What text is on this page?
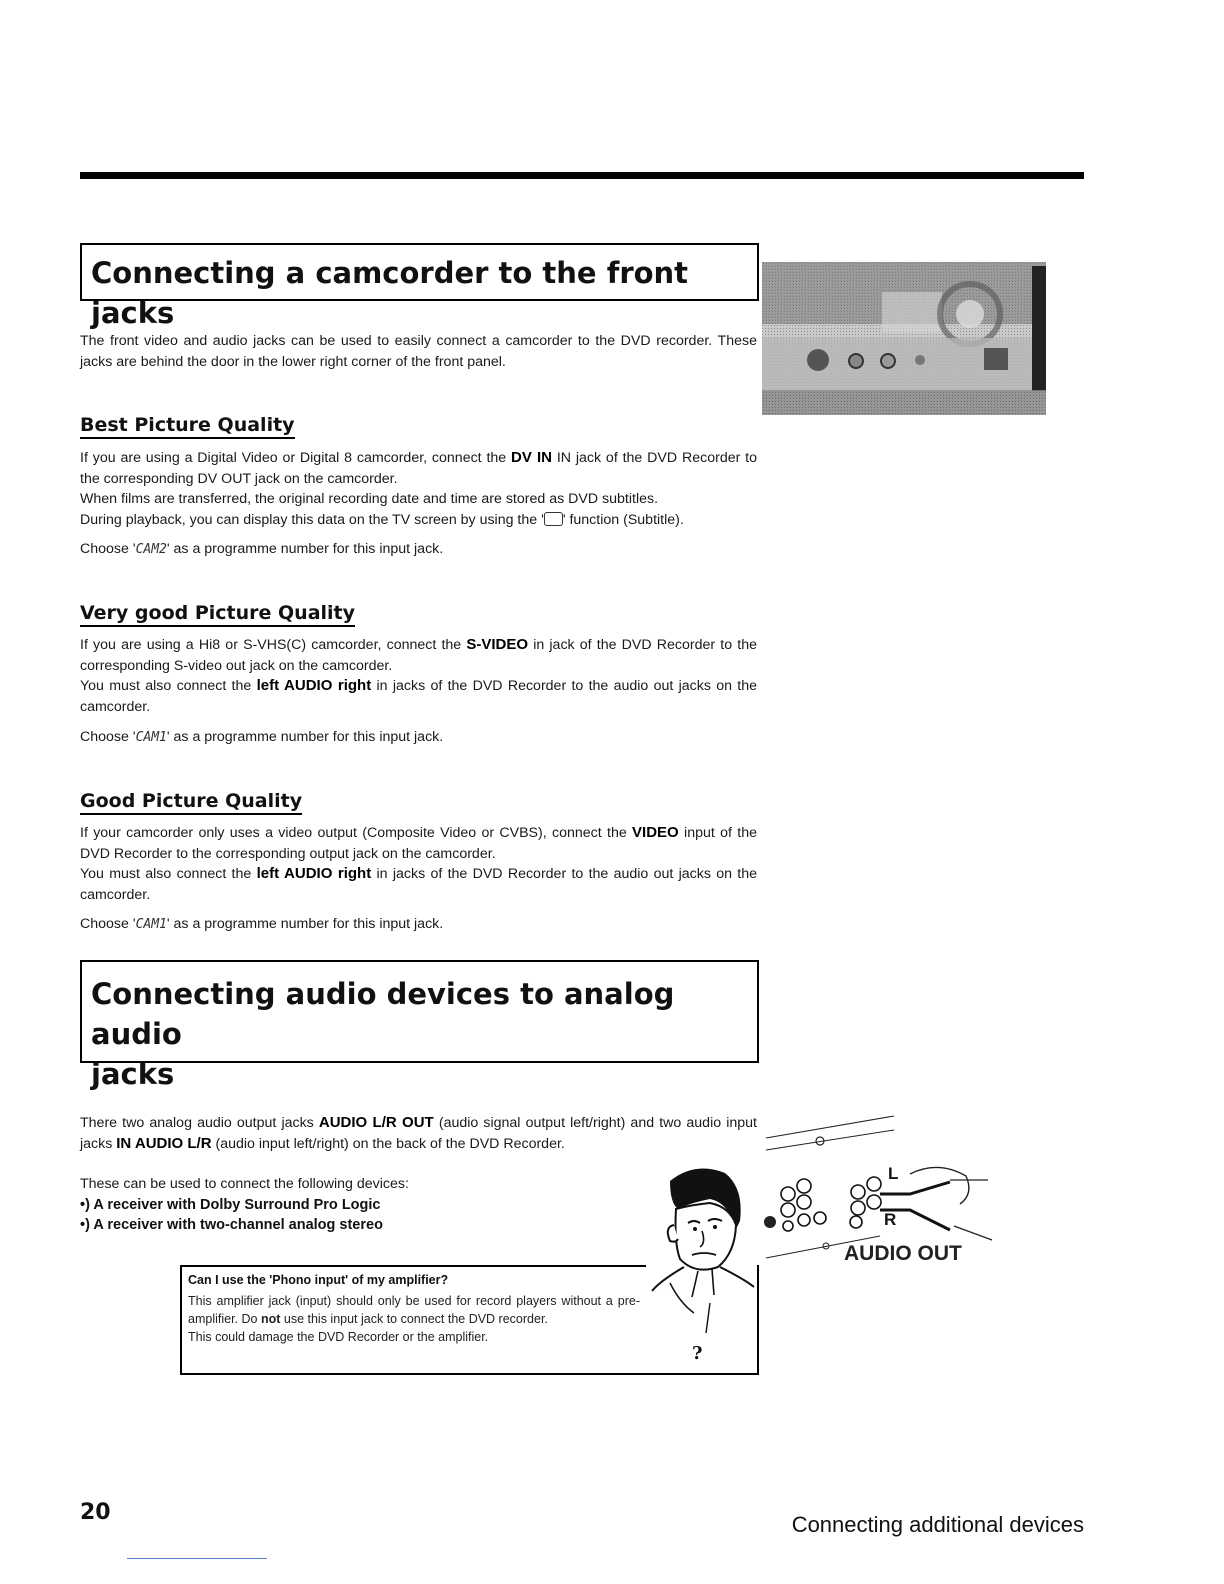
Connecting a camcorder to the front jacks
The front video and audio jacks can be used to easily connect a camcorder to the DVD recorder. These jacks are behind the door in the lower right corner of the front panel.
Best Picture Quality
If you are using a Digital Video or Digital 8 camcorder, connect the DV IN IN jack of the DVD Recorder to the corresponding DV OUT jack on the camcorder.
When films are transferred, the original recording date and time are stored as DVD subtitles.
During playback, you can display this data on the TV screen by using the ' ' function (Subtitle).
Choose 'CAM2' as a programme number for this input jack.
Very good Picture Quality
If you are using a Hi8 or S-VHS(C) camcorder, connect the S-VIDEO in jack of the DVD Recorder to the corresponding S-video out jack on the camcorder.
You must also connect the left AUDIO right in jacks of the DVD Recorder to the audio out jacks on the camcorder.
Choose 'CAM1' as a programme number for this input jack.
Good Picture Quality
If your camcorder only uses a video output (Composite Video or CVBS), connect the VIDEO input of the DVD Recorder to the corresponding output jack on the camcorder.
You must also connect the left AUDIO right in jacks of the DVD Recorder to the audio out jacks on the camcorder.
Choose 'CAM1' as a programme number for this input jack.
Connecting audio devices to analog audio
jacks
There two analog audio output jacks AUDIO L/R OUT (audio signal output left/right) and two audio input jacks IN AUDIO L/R (audio input left/right) on the back of the DVD Recorder.
These can be used to connect the following devices:
•) A receiver with Dolby Surround Pro Logic
•) A receiver with two-channel analog stereo
Can I use the 'Phono input' of my amplifier?
This amplifier jack (input) should only be used for record players without a pre-amplifier. Do not use this input jack to connect the DVD recorder.
This could damage the DVD Recorder or the amplifier.
?
L
R
AUDIO OUT
20	Connecting additional devices
